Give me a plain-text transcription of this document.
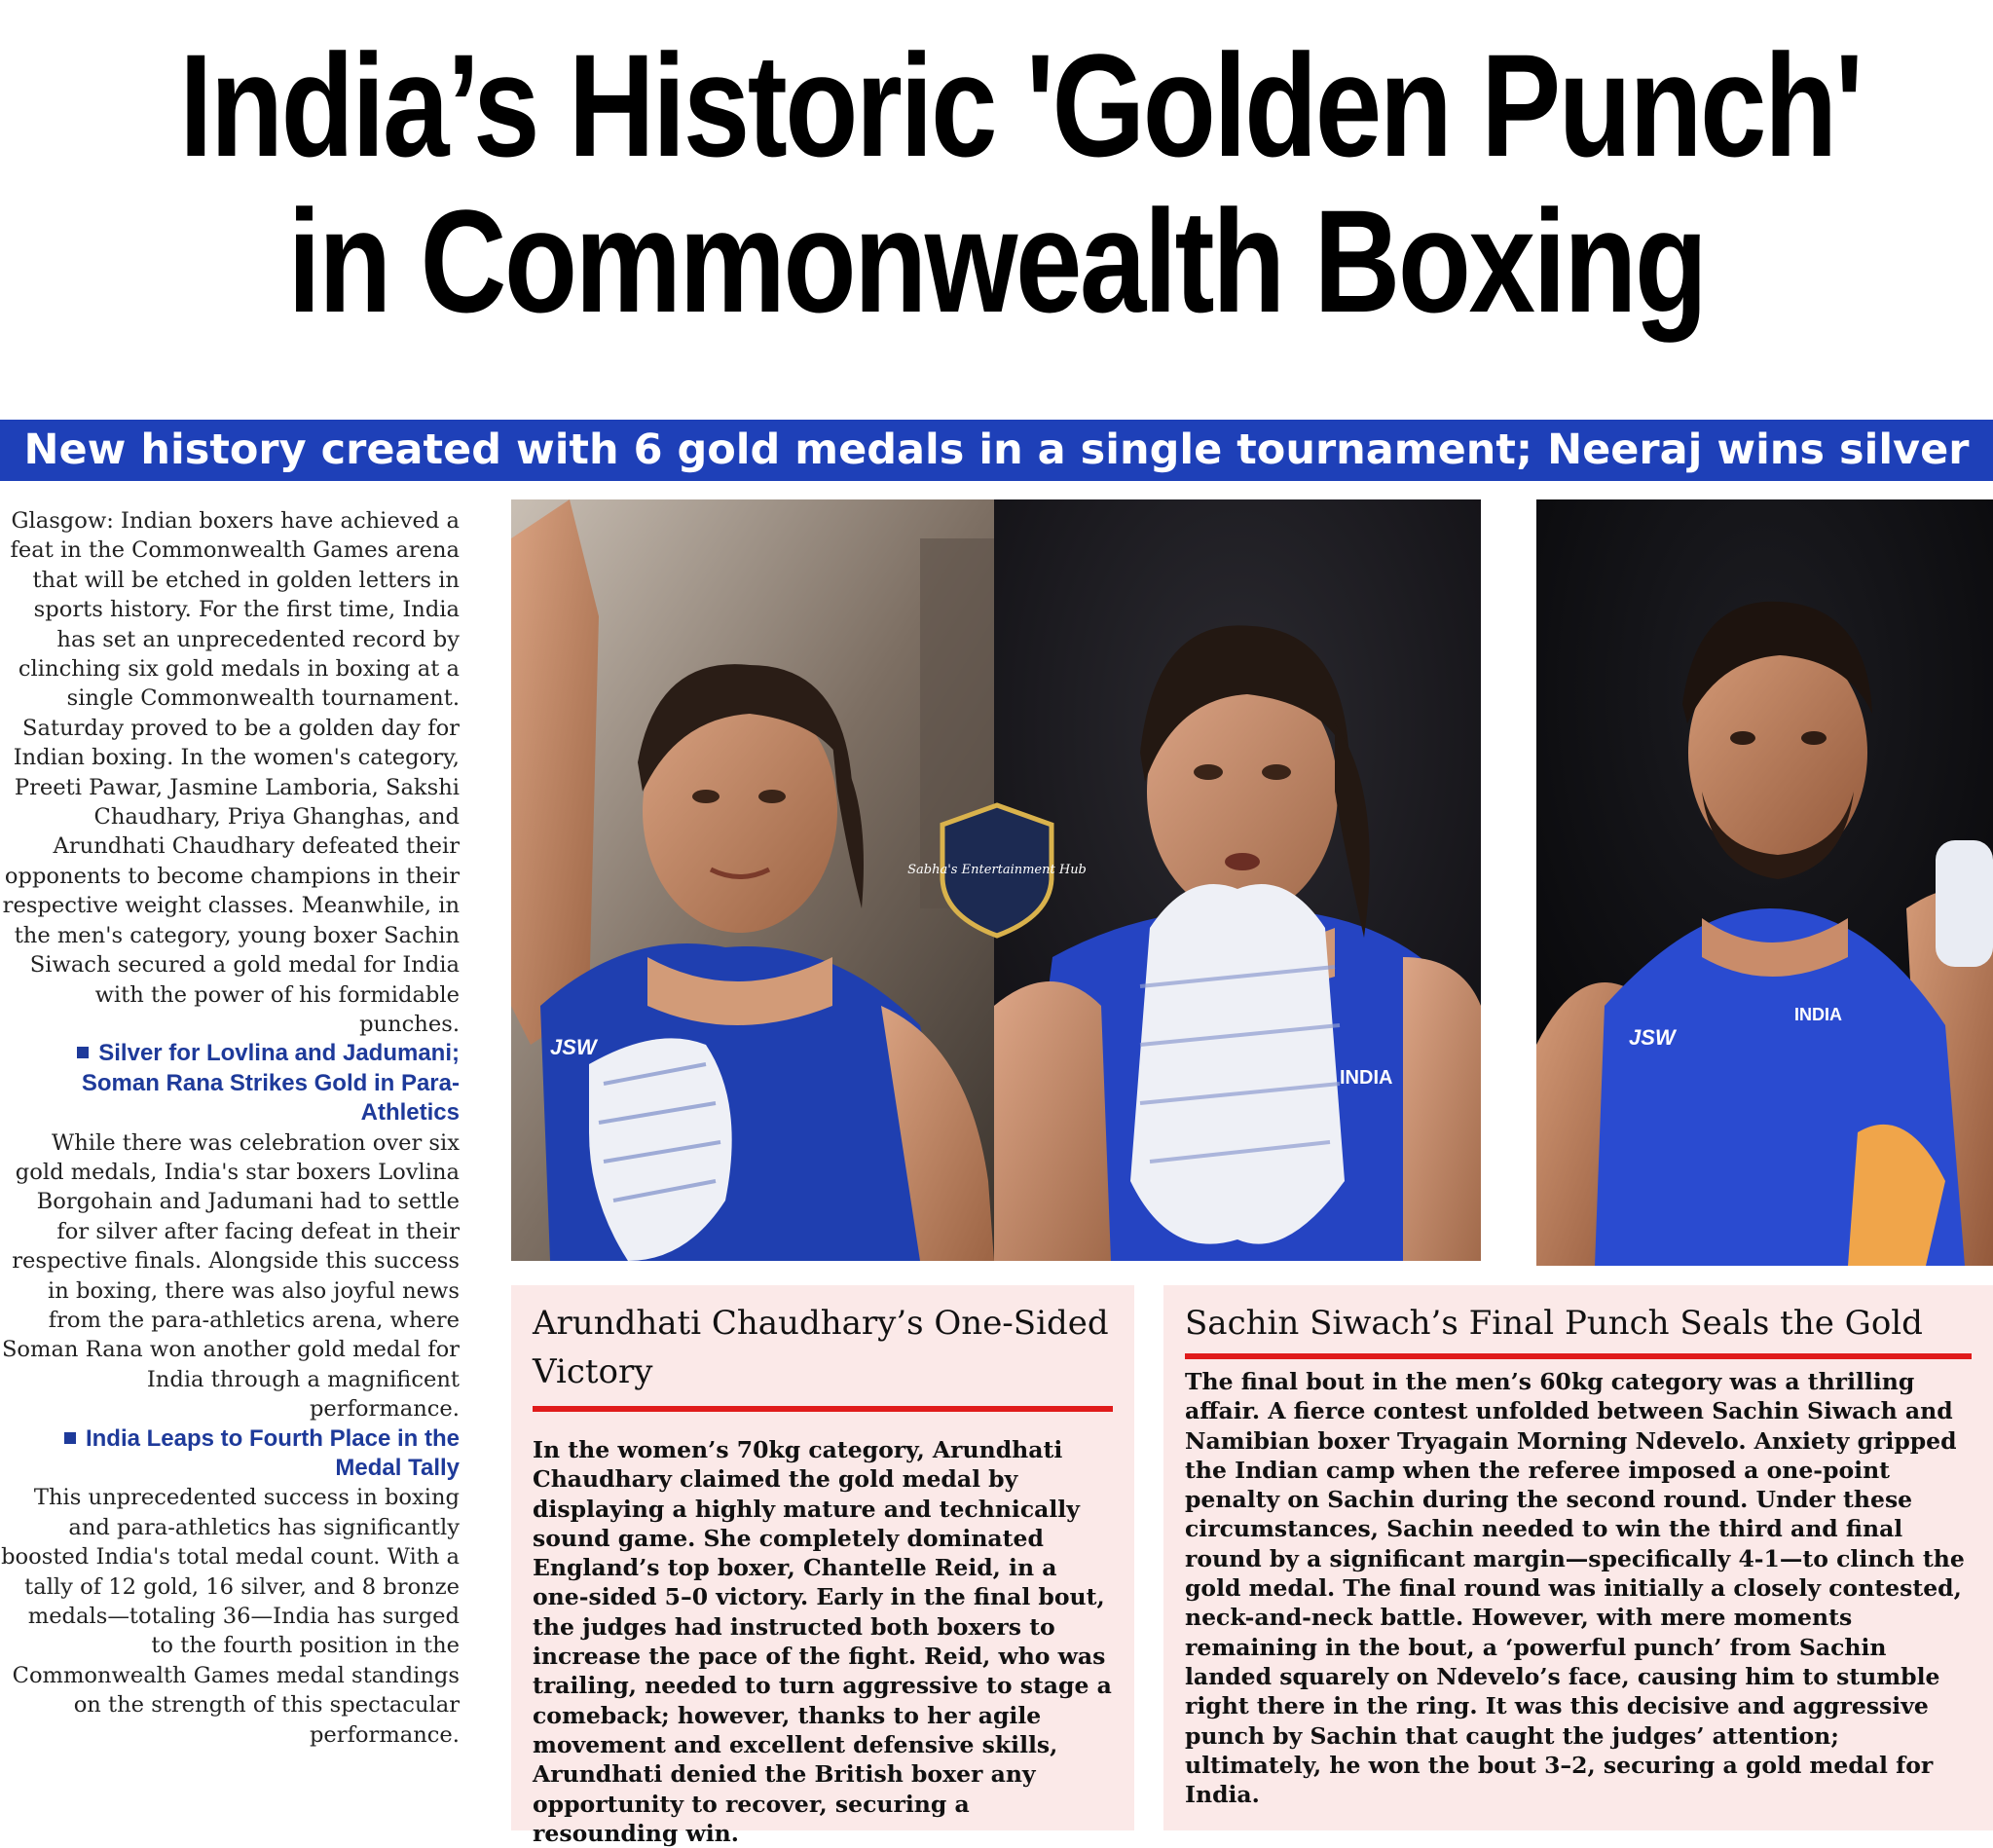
India’s Historic 'Golden Punch'
in Commonwealth Boxing
New history created with 6 gold medals in a single tournament; Neeraj wins silver

Glasgow: Indian boxers have achieved a feat in the Commonwealth Games arena that will be etched in golden letters in sports history. For the first time, India has set an unprecedented record by clinching six gold medals in boxing at a single Commonwealth tournament. Saturday proved to be a golden day for Indian boxing. In the women's category, Preeti Pawar, Jasmine Lamboria, Sakshi Chaudhary, Priya Ghanghas, and Arundhati Chaudhary defeated their opponents to become champions in their respective weight classes. Meanwhile, in the men's category, young boxer Sachin Siwach secured a gold medal for India with the power of his formidable punches.

Silver for Lovlina and Jadumani; Soman Rana Strikes Gold in Para-Athletics

While there was celebration over six gold medals, India's star boxers Lovlina Borgohain and Jadumani had to settle for silver after facing defeat in their respective finals. Alongside this success in boxing, there was also joyful news from the para-athletics arena, where Soman Rana won another gold medal for India through a magnificent performance.

India Leaps to Fourth Place in the Medal Tally

This unprecedented success in boxing and para-athletics has significantly boosted India's total medal count. With a tally of 12 gold, 16 silver, and 8 bronze medals—totaling 36—India has surged to the fourth position in the Commonwealth Games medal standings on the strength of this spectacular performance.

JSW
INDIA
Sabha's Entertainment Hub
JSW
INDIA
Arundhati Chaudhary’s One-Sided Victory
In the women’s 70kg category, Arundhati Chaudhary claimed the gold medal by displaying a highly mature and technically sound game. She completely dominated England’s top boxer, Chantelle Reid, in a one-sided 5–0 victory. Early in the final bout, the judges had instructed both boxers to increase the pace of the fight. Reid, who was trailing, needed to turn aggressive to stage a comeback; however, thanks to her agile movement and excellent defensive skills, Arundhati denied the British boxer any opportunity to recover, securing a resounding win.
Sachin Siwach’s Final Punch Seals the Gold
The final bout in the men’s 60kg category was a thrilling affair. A fierce contest unfolded between Sachin Siwach and Namibian boxer Tryagain Morning Ndevelo. Anxiety gripped the Indian camp when the referee imposed a one-point penalty on Sachin during the second round. Under these circumstances, Sachin needed to win the third and final round by a significant margin—specifically 4-1—to clinch the gold medal. The final round was initially a closely contested, neck-and-neck battle. However, with mere moments remaining in the bout, a ‘powerful punch’ from Sachin landed squarely on Ndevelo’s face, causing him to stumble right there in the ring. It was this decisive and aggressive punch by Sachin that caught the judges’ attention; ultimately, he won the bout 3–2, securing a gold medal for India.
